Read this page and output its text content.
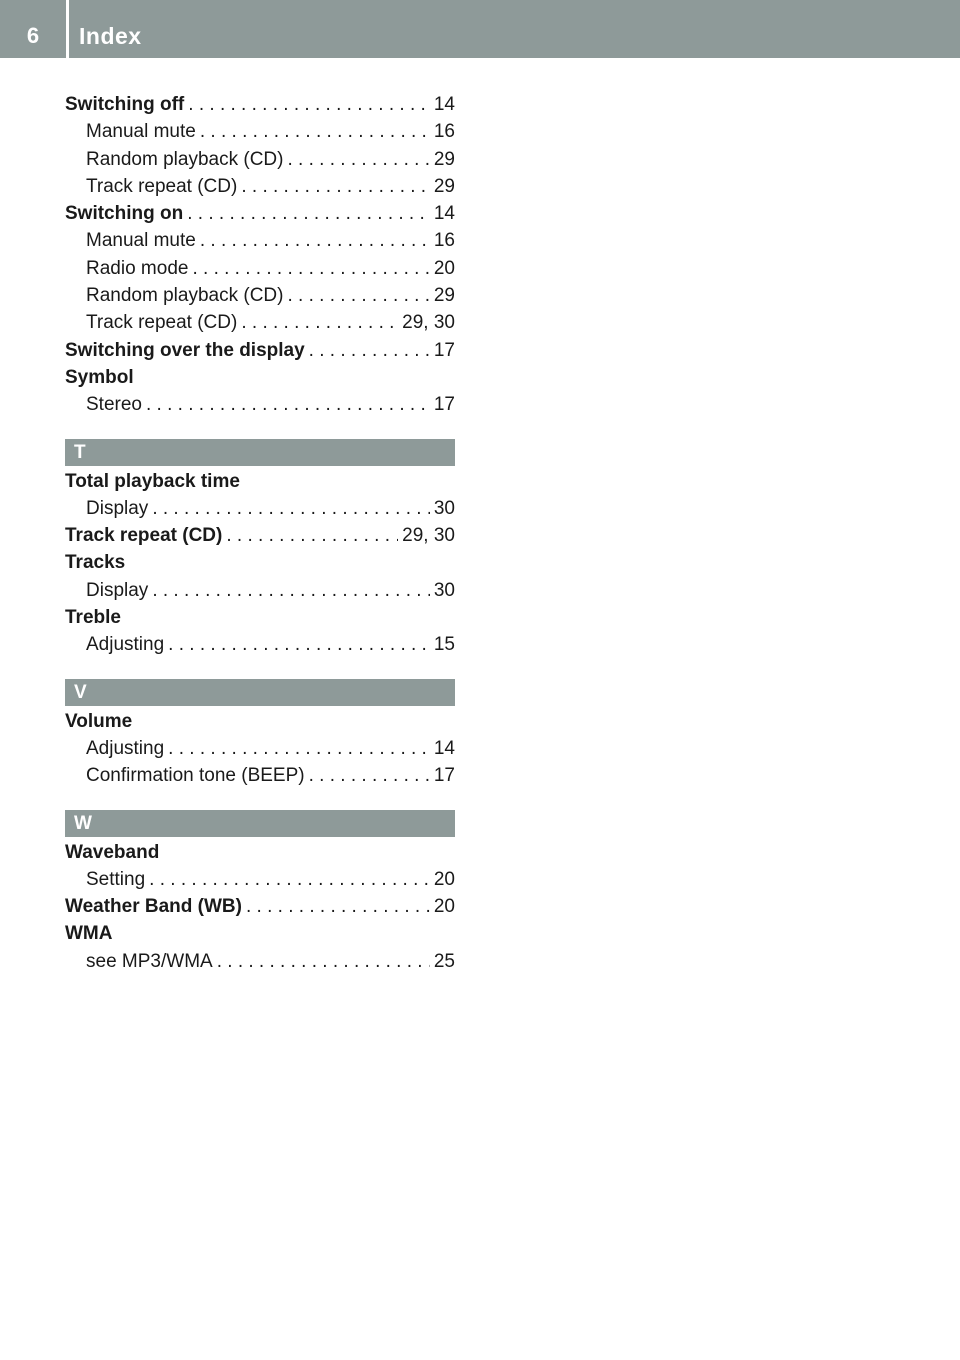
6	Index
Switching off . . .	14
Manual mute . . .	16
Random playback (CD) . . .	29
Track repeat (CD) . . .	29
Switching on . . .	14
Manual mute . . .	16
Radio mode . . .	20
Random playback (CD) . . .	29
Track repeat (CD) . . .	29, 30
Switching over the display . . .	17
Symbol
Stereo . . .	17
T
Total playback time
Display . . .	30
Track repeat (CD) . . .	29, 30
Tracks
Display . . .	30
Treble
Adjusting . . .	15
V
Volume
Adjusting . . .	14
Confirmation tone (BEEP) . . .	17
W
Waveband
Setting . . .	20
Weather Band (WB) . . .	20
WMA
see MP3/WMA . . .	25
